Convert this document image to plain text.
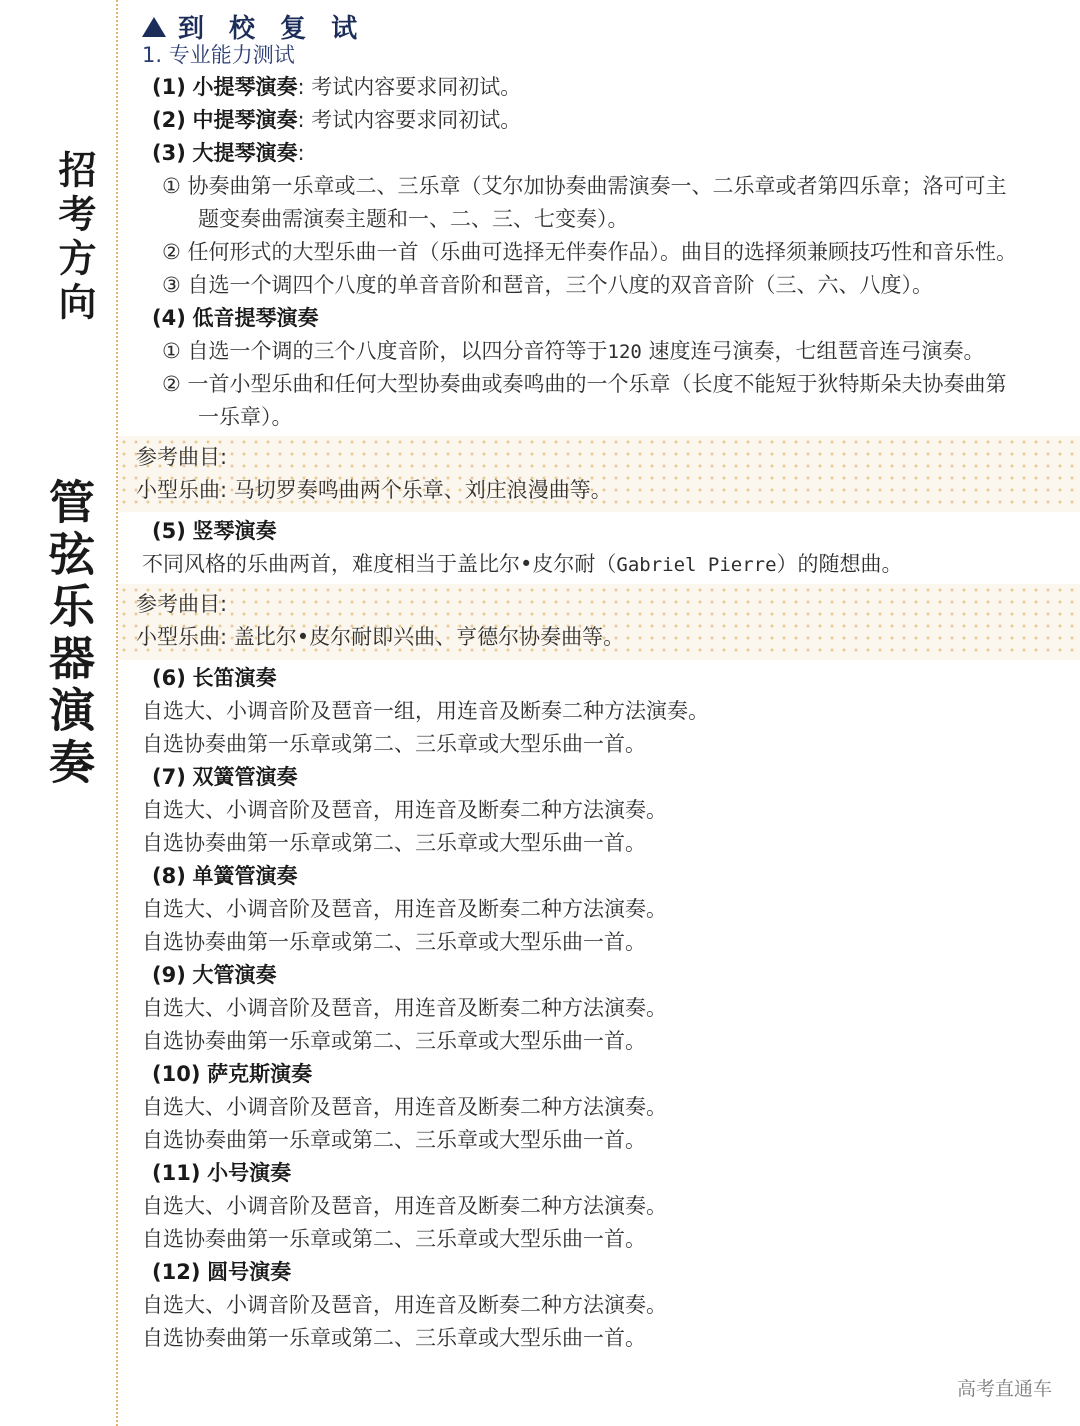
招考方向
管弦乐器演奏
到 校 复 试
1. 专业能力测试
(1) 小提琴演奏: 考试内容要求同初试。
(2) 中提琴演奏: 考试内容要求同初试。
(3) 大提琴演奏:
① 协奏曲第一乐章或二、三乐章（艾尔加协奏曲需演奏一、二乐章或者第四乐章；洛可可主
题变奏曲需演奏主题和一、二、三、七变奏）。
② 任何形式的大型乐曲一首（乐曲可选择无伴奏作品）。曲目的选择须兼顾技巧性和音乐性。
③ 自选一个调四个八度的单音音阶和琶音，三个八度的双音音阶（三、六、八度）。
(4) 低音提琴演奏
① 自选一个调的三个八度音阶，以四分音符等于120 速度连弓演奏，七组琶音连弓演奏。
② 一首小型乐曲和任何大型协奏曲或奏鸣曲的一个乐章（长度不能短于狄特斯朵夫协奏曲第
一乐章）。
参考曲目:
小型乐曲: 马切罗奏鸣曲两个乐章、刘庄浪漫曲等。
(5) 竖琴演奏
不同风格的乐曲两首，难度相当于盖比尔•皮尔耐（Gabriel Pierre）的随想曲。
参考曲目:
小型乐曲: 盖比尔•皮尔耐即兴曲、亨德尔协奏曲等。
(6) 长笛演奏
自选大、小调音阶及琶音一组，用连音及断奏二种方法演奏。
自选协奏曲第一乐章或第二、三乐章或大型乐曲一首。
(7) 双簧管演奏
自选大、小调音阶及琶音，用连音及断奏二种方法演奏。
自选协奏曲第一乐章或第二、三乐章或大型乐曲一首。
(8) 单簧管演奏
自选大、小调音阶及琶音，用连音及断奏二种方法演奏。
自选协奏曲第一乐章或第二、三乐章或大型乐曲一首。
(9) 大管演奏
自选大、小调音阶及琶音，用连音及断奏二种方法演奏。
自选协奏曲第一乐章或第二、三乐章或大型乐曲一首。
(10) 萨克斯演奏
自选大、小调音阶及琶音，用连音及断奏二种方法演奏。
自选协奏曲第一乐章或第二、三乐章或大型乐曲一首。
(11) 小号演奏
自选大、小调音阶及琶音，用连音及断奏二种方法演奏。
自选协奏曲第一乐章或第二、三乐章或大型乐曲一首。
(12) 圆号演奏
自选大、小调音阶及琶音，用连音及断奏二种方法演奏。
自选协奏曲第一乐章或第二、三乐章或大型乐曲一首。
高考直通车
